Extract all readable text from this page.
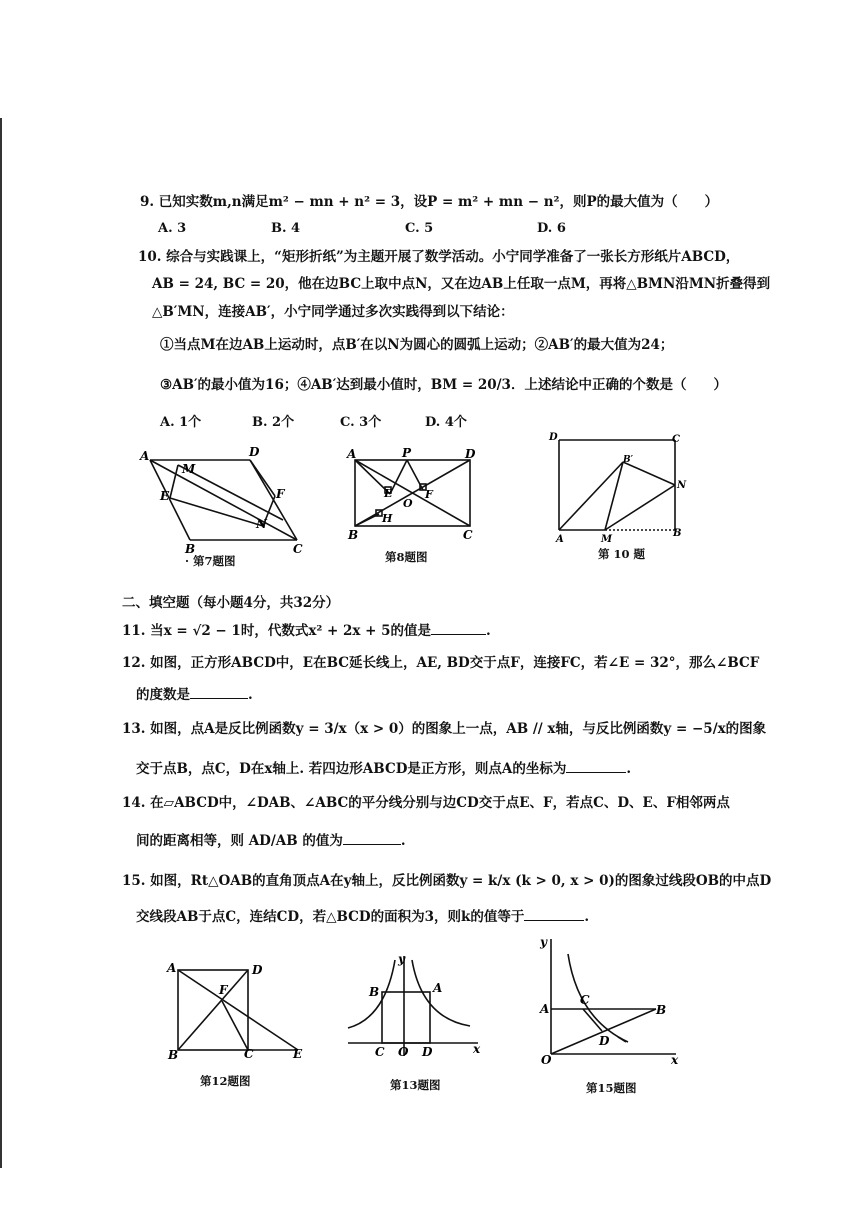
9. 已知实数m,n满足m² − mn + n² = 3，设P = m² + mn − n²，则P的最大值为（　　）
A. 3	B. 4	C. 5	D. 6
10. 综合与实践课上，“矩形折纸”为主题开展了数学活动。小宁同学准备了一张长方形纸片ABCD，
AB = 24, BC = 20，他在边BC上取中点N，又在边AB上任取一点M，再将△BMN沿MN折叠得到
△B′MN，连接AB′，小宁同学通过多次实践得到以下结论：
①当点M在边AB上运动时，点B′在以N为圆心的圆弧上运动；②AB′的最大值为24；
③AB′的最小值为16；④AB′达到最小值时，BM = 20/3．上述结论中正确的个数是（　　）
A. 1个	B. 2个	C. 3个	D. 4个
A	D
M
E	F
N
B	C
· 第7题图
A	P	D
E	F
O
H
B	C
第8题图
D	C
B′
N
A	M
B
第 10 题
二、填空题（每小题4分，共32分）
11. 当x = √2 − 1时，代数式x² + 2x + 5的值是	.
12. 如图，正方形ABCD中，E在BC延长线上，AE, BD交于点F，连接FC，若∠E = 32°，那么∠BCF
的度数是	.
13. 如图，点A是反比例函数y = 3/x（x > 0）的图象上一点，AB // x轴，与反比例函数y = −5/x的图象
交于点B，点C，D在x轴上. 若四边形ABCD是正方形，则点A的坐标为	.
14. 在▱ABCD中，∠DAB、∠ABC的平分线分别与边CD交于点E、F，若点C、D、E、F相邻两点
间的距离相等，则 AD/AB 的值为	.
15. 如图，Rt△OAB的直角顶点A在y轴上，反比例函数y = k/x (k > 0, x > 0)的图象过线段OB的中点D
交线段AB于点C，连结CD，若△BCD的面积为3，则k的值等于	.
A	D
F
B	C	E
第12题图
y
B	A
C O D	x
第13题图
y
A
C
B
D
O	x
第15题图
